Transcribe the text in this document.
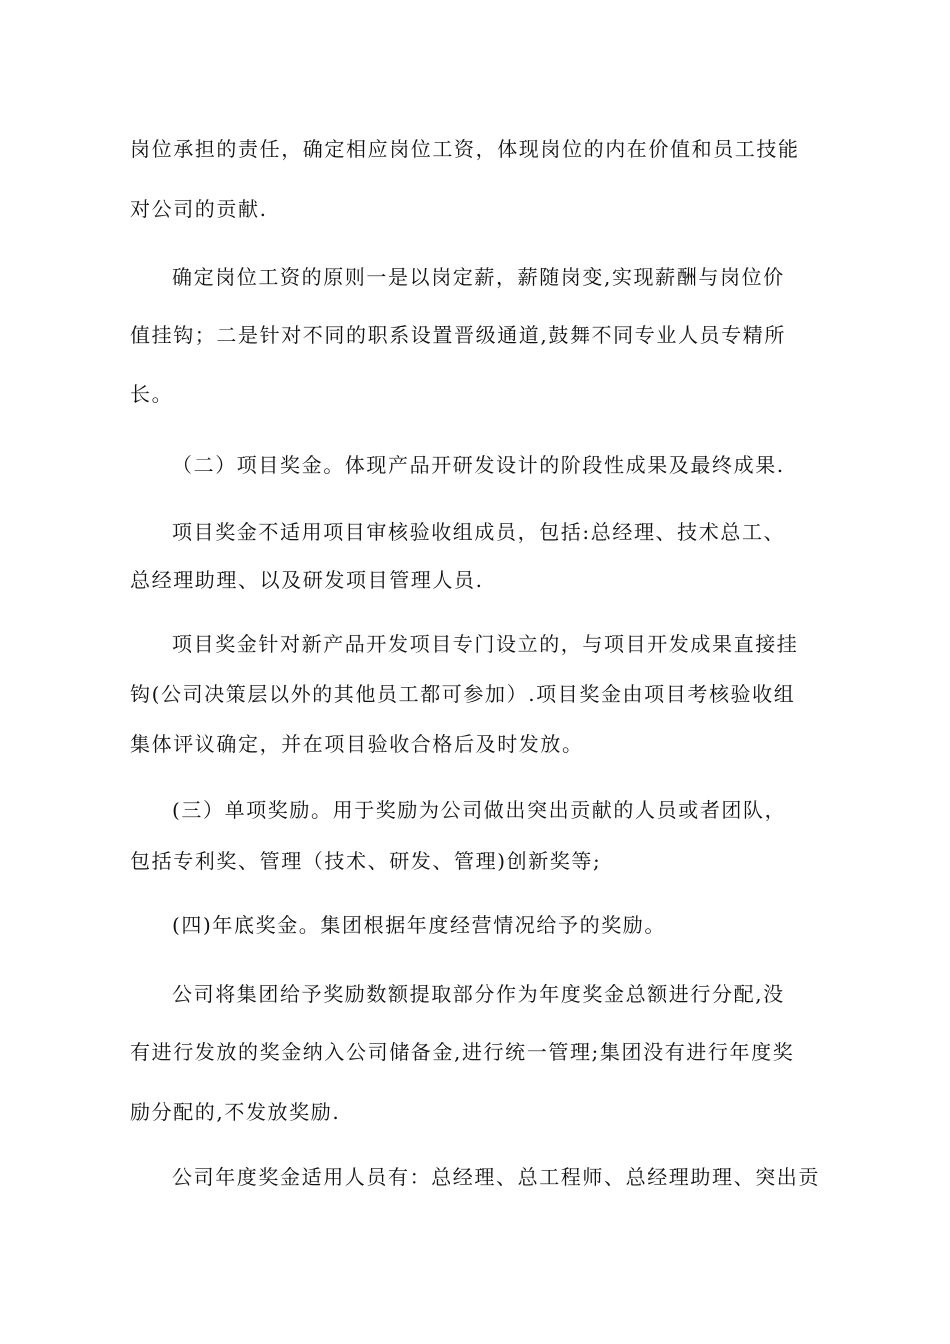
岗位承担的责任，确定相应岗位工资，体现岗位的内在价值和员工技能
对公司的贡献.
确定岗位工资的原则一是以岗定薪，薪随岗变,实现薪酬与岗位价
值挂钩；二是针对不同的职系设置晋级通道,鼓舞不同专业人员专精所
长。
（二）项目奖金。体现产品开研发设计的阶段性成果及最终成果.
项目奖金不适用项目审核验收组成员，包括:总经理、技术总工、
总经理助理、以及研发项目管理人员.
项目奖金针对新产品开发项目专门设立的，与项目开发成果直接挂
钩(公司决策层以外的其他员工都可参加）.项目奖金由项目考核验收组
集体评议确定，并在项目验收合格后及时发放。
(三）单项奖励。用于奖励为公司做出突出贡献的人员或者团队，
包括专利奖、管理（技术、研发、管理)创新奖等;
(四)年底奖金。集团根据年度经营情况给予的奖励。
公司将集团给予奖励数额提取部分作为年度奖金总额进行分配,没
有进行发放的奖金纳入公司储备金,进行统一管理;集团没有进行年度奖
励分配的,不发放奖励.
公司年度奖金适用人员有：总经理、总工程师、总经理助理、突出贡
